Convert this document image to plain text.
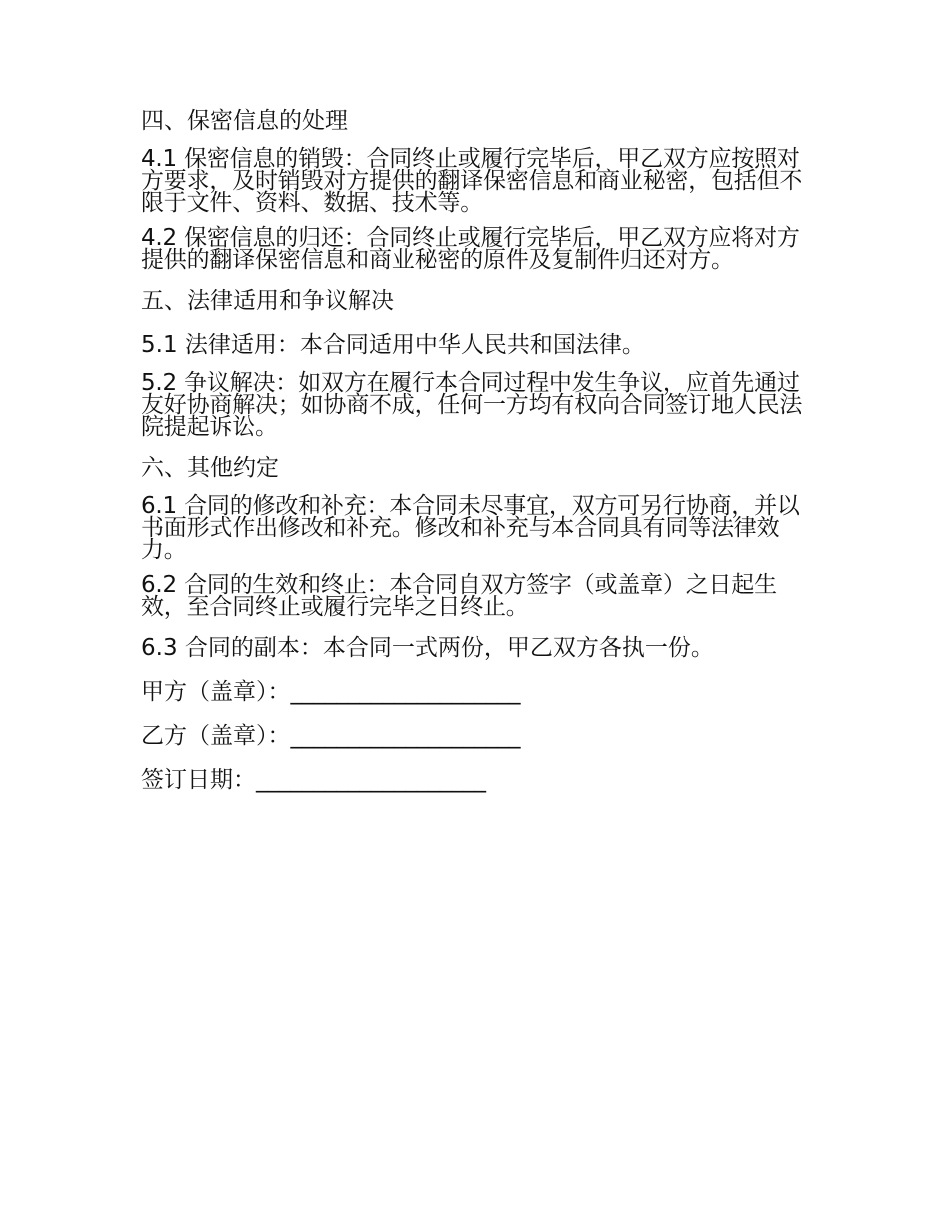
四、保密信息的处理
4.1 保密信息的销毁：合同终止或履行完毕后，甲乙双方应按照对方要求，及时销毁对方提供的翻译保密信息和商业秘密，包括但不限于文件、资料、数据、技术等。
4.2 保密信息的归还：合同终止或履行完毕后，甲乙双方应将对方提供的翻译保密信息和商业秘密的原件及复制件归还对方。
五、法律适用和争议解决
5.1 法律适用：本合同适用中华人民共和国法律。
5.2 争议解决：如双方在履行本合同过程中发生争议，应首先通过友好协商解决；如协商不成，任何一方均有权向合同签订地人民法院提起诉讼。
六、其他约定
6.1 合同的修改和补充：本合同未尽事宜，双方可另行协商，并以书面形式作出修改和补充。修改和补充与本合同具有同等法律效力。
6.2 合同的生效和终止：本合同自双方签字（或盖章）之日起生效，至合同终止或履行完毕之日终止。
6.3 合同的副本：本合同一式两份，甲乙双方各执一份。
甲方（盖章）：____________________
乙方（盖章）：____________________
签订日期：____________________
